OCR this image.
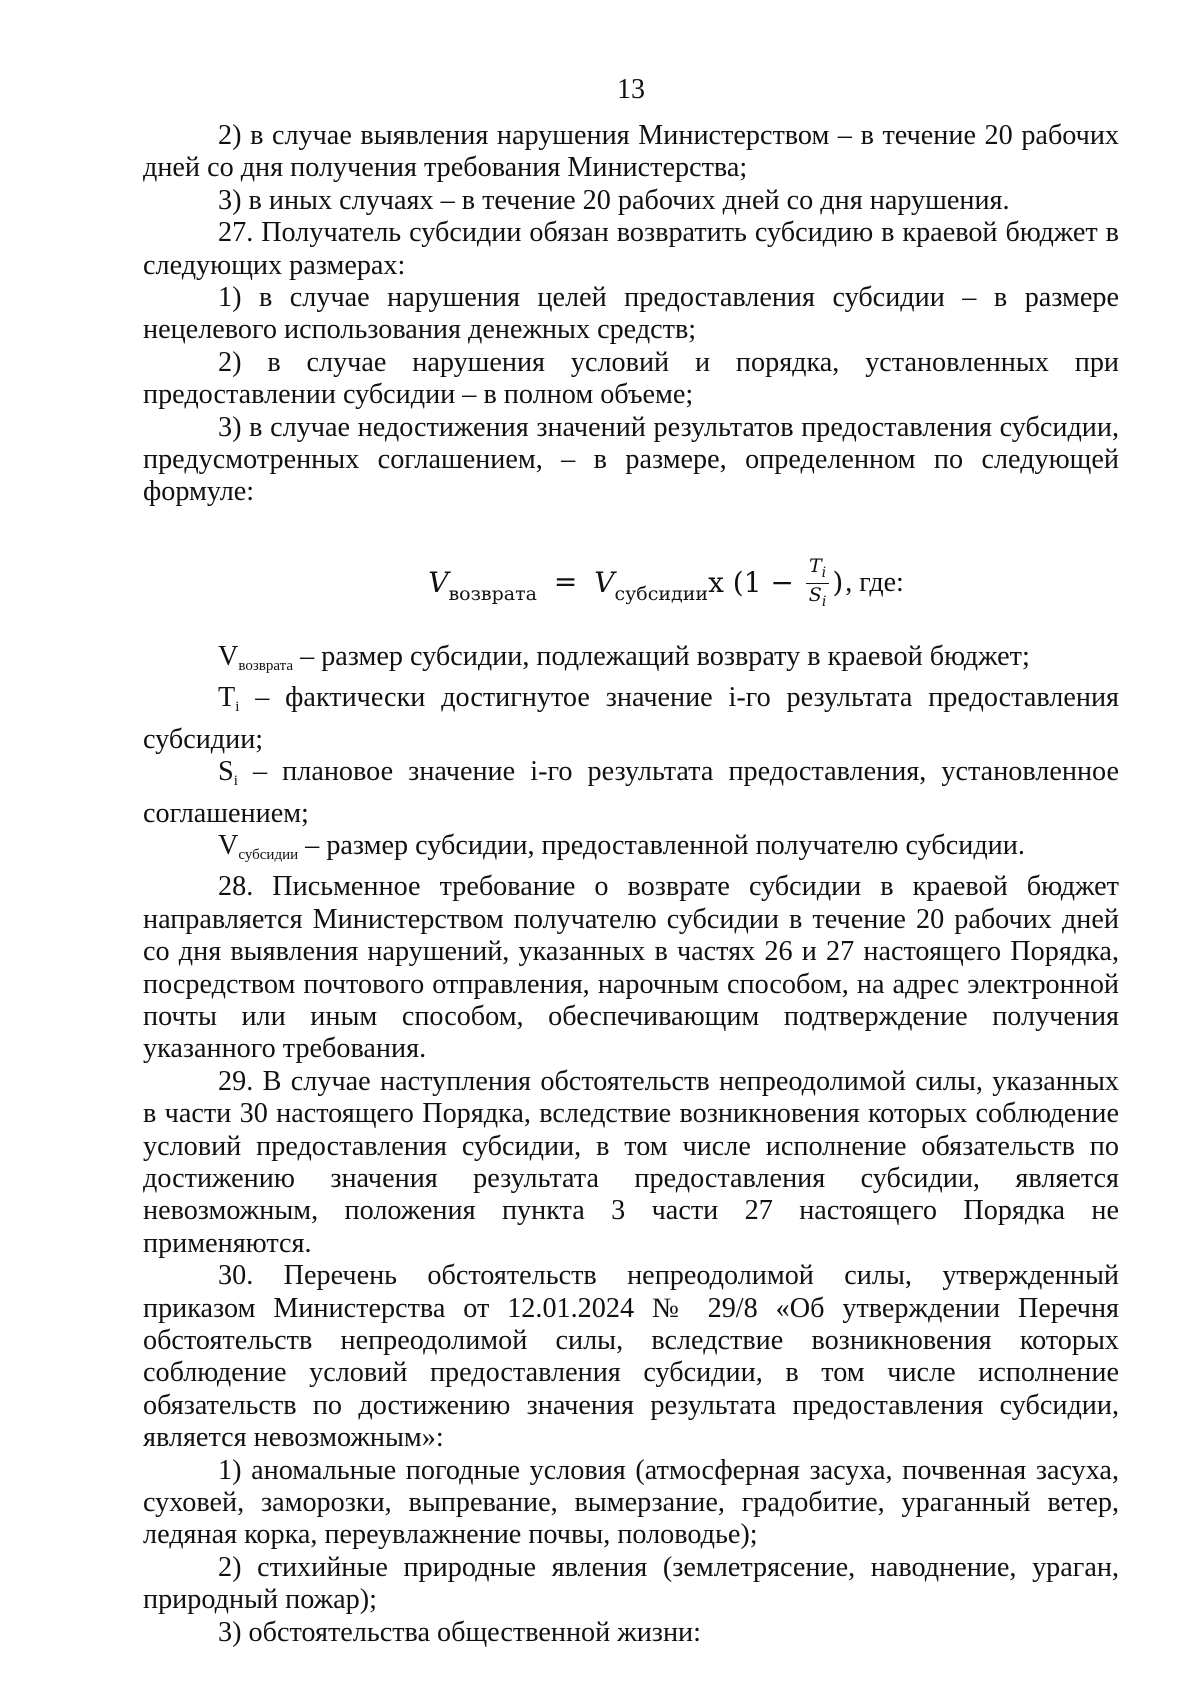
13

2) в случае выявления нарушения Министерством – в течение 20 рабочих дней со дня получения требования Министерства;

3) в иных случаях – в течение 20 рабочих дней со дня нарушения.

27. Получатель субсидии обязан возвратить субсидию в краевой бюджет в следующих размерах:

1) в случае нарушения целей предоставления субсидии – в размере нецелевого использования денежных средств;

2) в случае нарушения условий и порядка, установленных при предоставлении субсидии – в полном объеме;

3) в случае недостижения значений результатов предоставления субсидии, предусмотренных соглашением, – в размере, определенном по следующей формуле:

$V_{возврата} = V_{субсидии}x$ ($1 - \frac{T_i}{S_i}$ ), где:

$V_{возврата}$ – размер субсидии, подлежащий возврату в краевой бюджет;

$T_i$ – фактически достигнутое значение i-го результата предоставления субсидии;

$S_i$ – плановое значение i-го результата предоставления, установленное соглашением;

$V_{субсидии}$ – размер субсидии, предоставленной получателю субсидии.

28. Письменное требование о возврате субсидии в краевой бюджет направляется Министерством получателю субсидии в течение 20 рабочих дней со дня выявления нарушений, указанных в частях 26 и 27 настоящего Порядка, посредством почтового отправления, нарочным способом, на адрес электронной почты или иным способом, обеспечивающим подтверждение получения указанного требования.

29. В случае наступления обстоятельств непреодолимой силы, указанных в части 30 настоящего Порядка, вследствие возникновения которых соблюдение условий предоставления субсидии, в том числе исполнение обязательств по достижению значения результата предоставления субсидии, является невозможным, положения пункта 3 части 27 настоящего Порядка не применяются.

30. Перечень обстоятельств непреодолимой силы, утвержденный приказом Министерства от 12.01.2024 № 29/8 «Об утверждении Перечня обстоятельств непреодолимой силы, вследствие возникновения которых соблюдение условий предоставления субсидии, в том числе исполнение обязательств по достижению значения результата предоставления субсидии, является невозможным»:

1) аномальные погодные условия (атмосферная засуха, почвенная засуха, суховей, заморозки, выпревание, вымерзание, градобитие, ураганный ветер, ледяная корка, переувлажнение почвы, половодье);

2) стихийные природные явления (землетрясение, наводнение, ураган, природный пожар);

3) обстоятельства общественной жизни:
